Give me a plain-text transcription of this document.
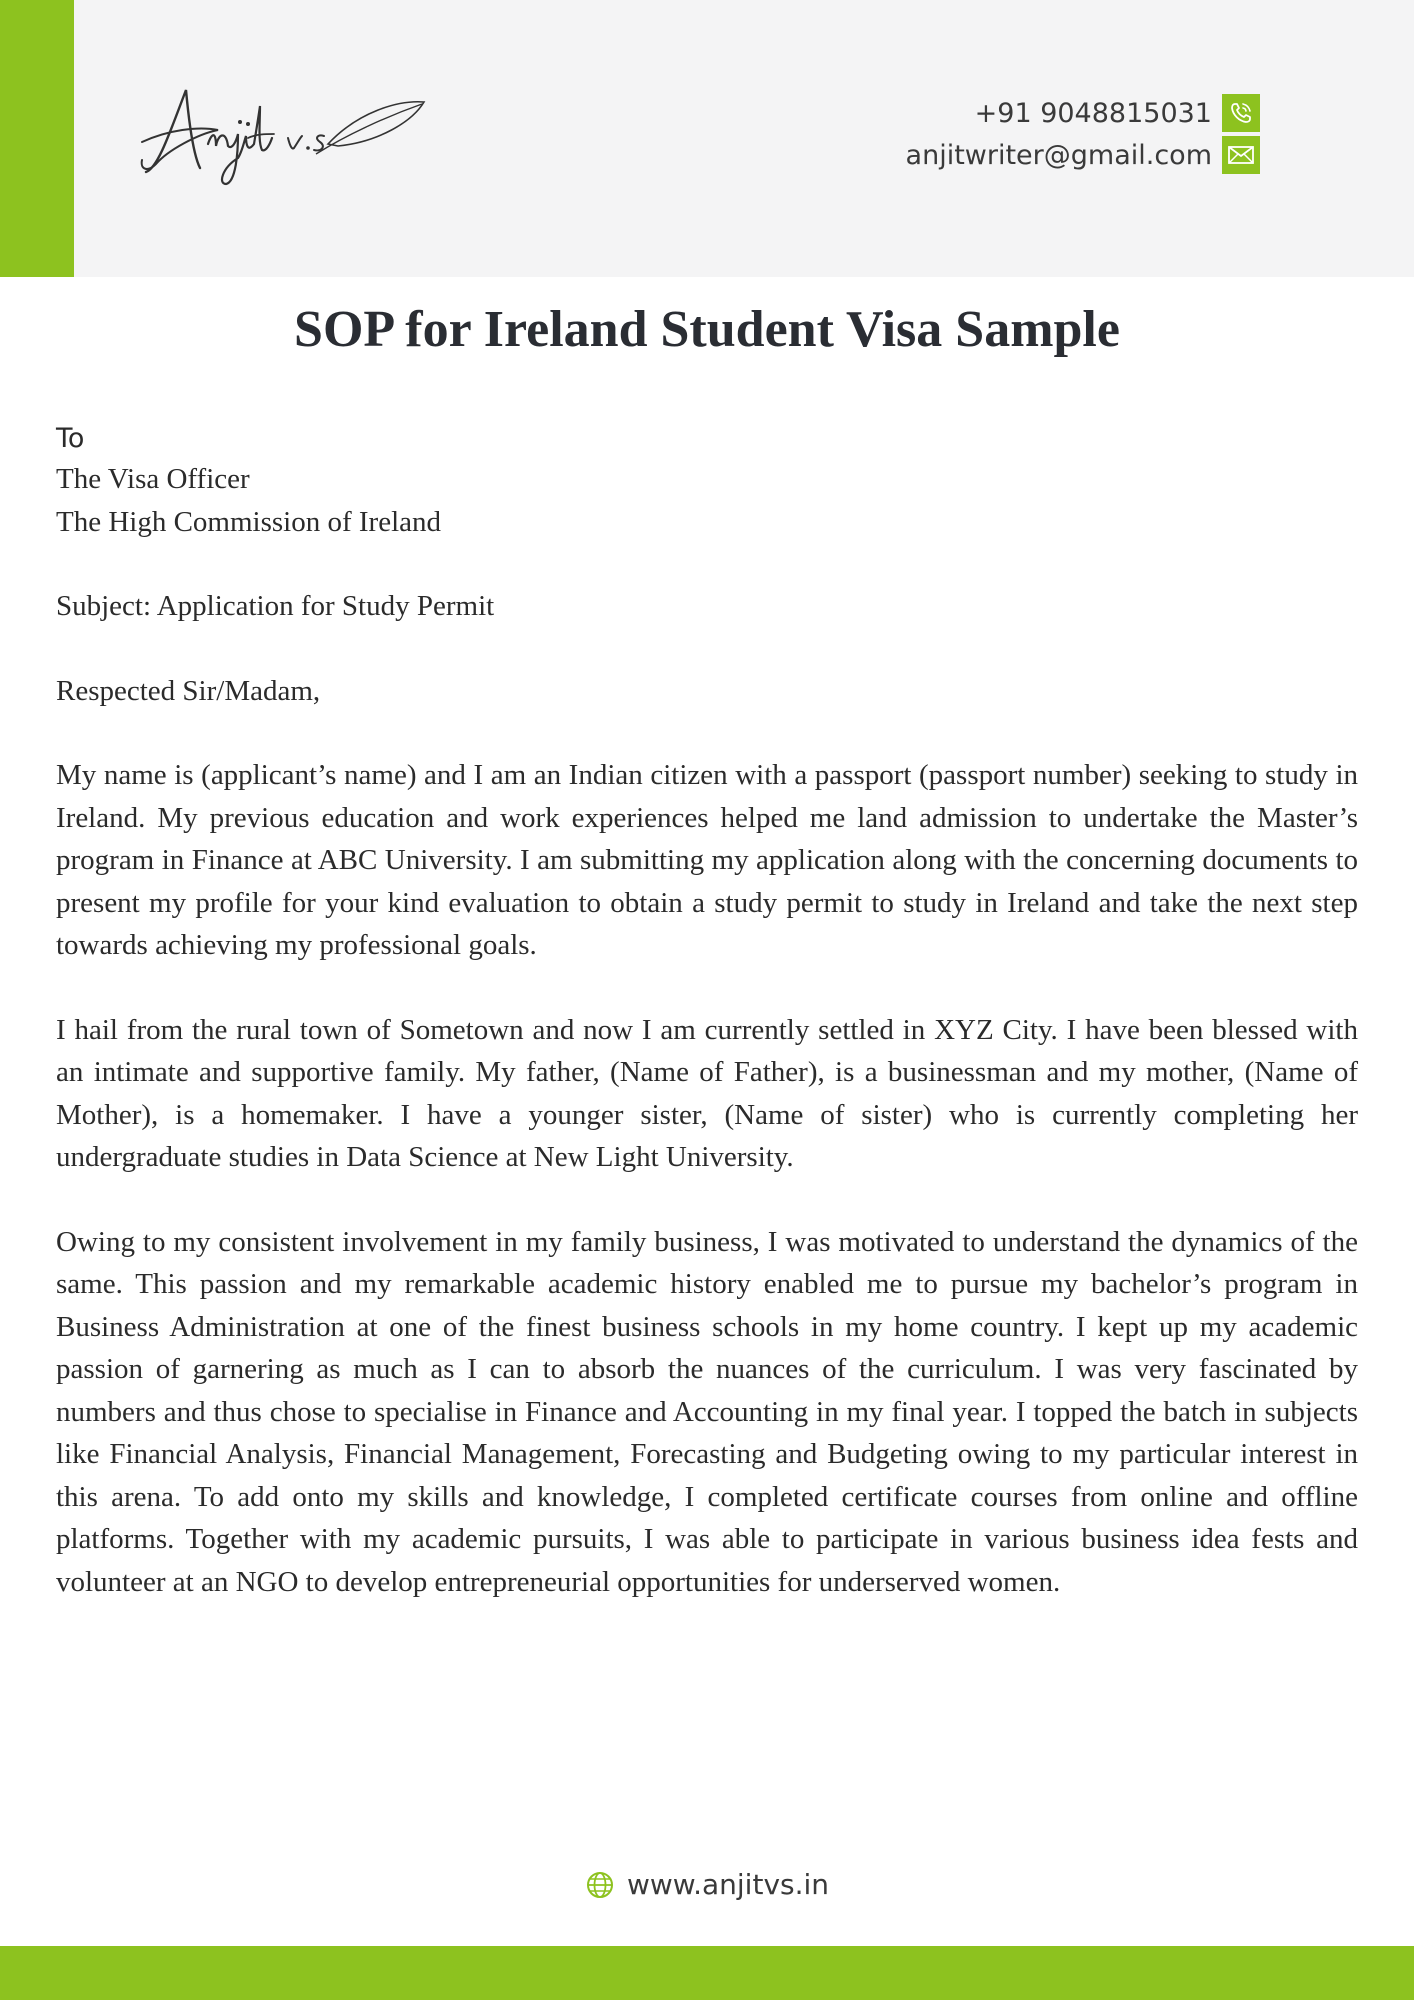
+91 9048815031
anjitwriter@gmail.com
SOP for Ireland Student Visa Sample
To

The Visa Officer

The High Commission of Ireland

Subject: Application for Study Permit

Respected Sir/Madam,

My name is (applicant’s name) and I am an Indian citizen with a passport (passport number) seeking to study in Ireland. My previous education and work experiences helped me land admission to undertake the Master’s program in Finance at ABC University. I am submitting my application along with the concerning documents to present my profile for your kind evaluation to obtain a study permit to study in Ireland and take the next step towards achieving my professional goals.

I hail from the rural town of Sometown and now I am currently settled in XYZ City. I have been blessed with an intimate and supportive family. My father, (Name of Father), is a businessman and my mother, (Name of Mother), is a homemaker. I have a younger sister, (Name of sister) who is currently completing her undergraduate studies in Data Science at New Light University.

Owing to my consistent involvement in my family business, I was motivated to understand the dynamics of the same. This passion and my remarkable academic history enabled me to pursue my bachelor’s program in Business Administration at one of the finest business schools in my home country. I kept up my academic passion of garnering as much as I can to absorb the nuances of the curriculum. I was very fascinated by numbers and thus chose to specialise in Finance and Accounting in my final year. I topped the batch in subjects like Financial Analysis, Financial Management, Forecasting and Budgeting owing to my particular interest in this arena. To add onto my skills and knowledge, I completed certificate courses from online and offline platforms. Together with my academic pursuits, I was able to participate in various business idea fests and volunteer at an NGO to develop entrepreneurial opportunities for underserved women.

www.anjitvs.in
